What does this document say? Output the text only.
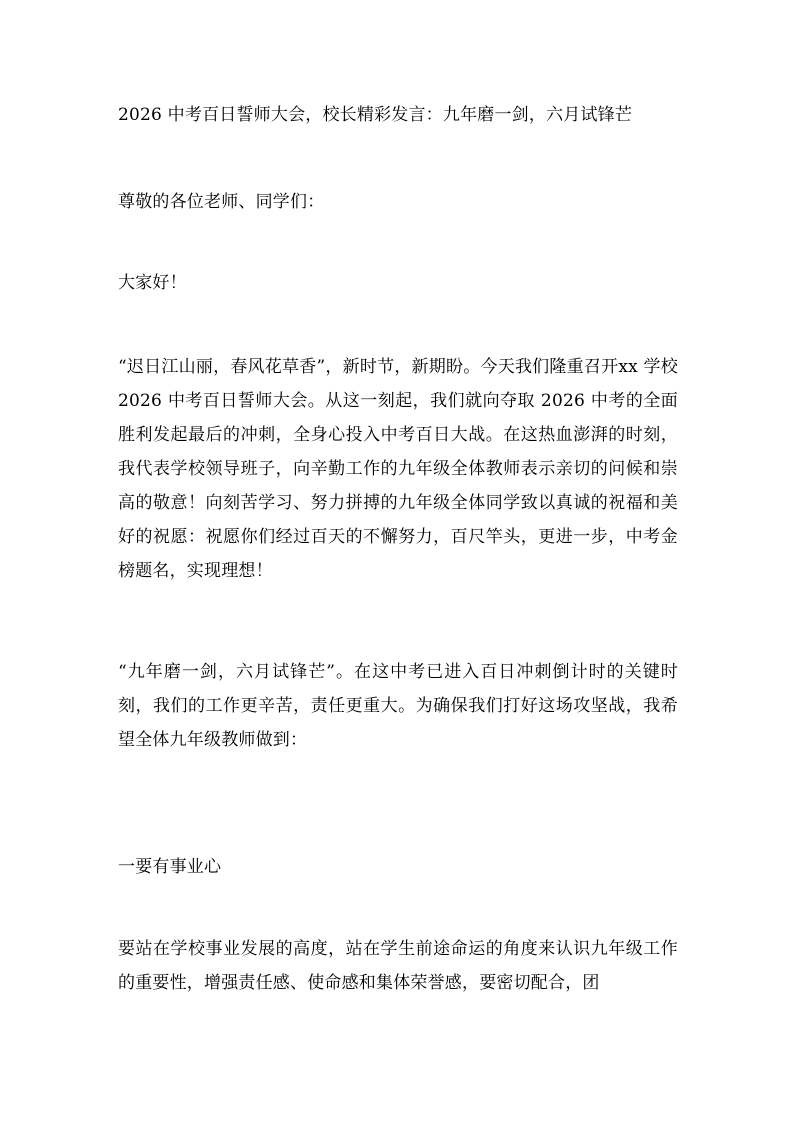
2026 中考百日誓师大会，校长精彩发言：九年磨一剑，六月试锋芒

尊敬的各位老师、同学们：

大家好！

“迟日江山丽，春风花草香”，新时节，新期盼。今天我们隆重召开xx 学校 2026 中考百日誓师大会。从这一刻起，我们就向夺取 2026 中考的全面胜利发起最后的冲刺，全身心投入中考百日大战。在这热血澎湃的时刻，我代表学校领导班子，向辛勤工作的九年级全体教师表示亲切的问候和崇高的敬意！向刻苦学习、努力拼搏的九年级全体同学致以真诚的祝福和美好的祝愿：祝愿你们经过百天的不懈努力，百尺竿头，更进一步，中考金榜题名，实现理想！

“九年磨一剑，六月试锋芒”。在这中考已进入百日冲刺倒计时的关键时刻，我们的工作更辛苦，责任更重大。为确保我们打好这场攻坚战，我希望全体九年级教师做到：

一要有事业心

要站在学校事业发展的高度，站在学生前途命运的角度来认识九年级工作的重要性，增强责任感、使命感和集体荣誉感，要密切配合，团
